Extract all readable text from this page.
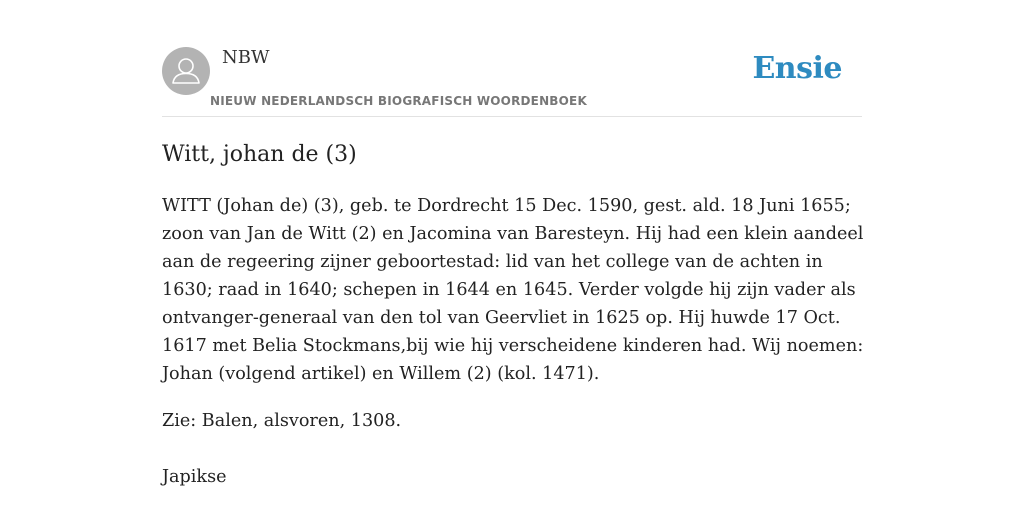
NBW
NIEUW NEDERLANDSCH BIOGRAFISCH WOORDENBOEK
Ensie
Witt, johan de (3)

WITT (Johan de) (3), geb. te Dordrecht 15 Dec. 1590, gest. ald. 18 Juni 1655; zoon van Jan de Witt (2) en Jacomina van Baresteyn. Hij had een klein aandeel aan de regeering zijner geboortestad: lid van het college van de achten in 1630; raad in 1640; schepen in 1644 en 1645. Verder volgde hij zijn vader als ontvanger-generaal van den tol van Geervliet in 1625 op. Hij huwde 17 Oct. 1617 met Belia Stockmans,bij wie hij verscheidene kinderen had. Wij noemen: Johan (volgend artikel) en Willem (2) (kol. 1471).

Zie: Balen, alsvoren, 1308.

Japikse
